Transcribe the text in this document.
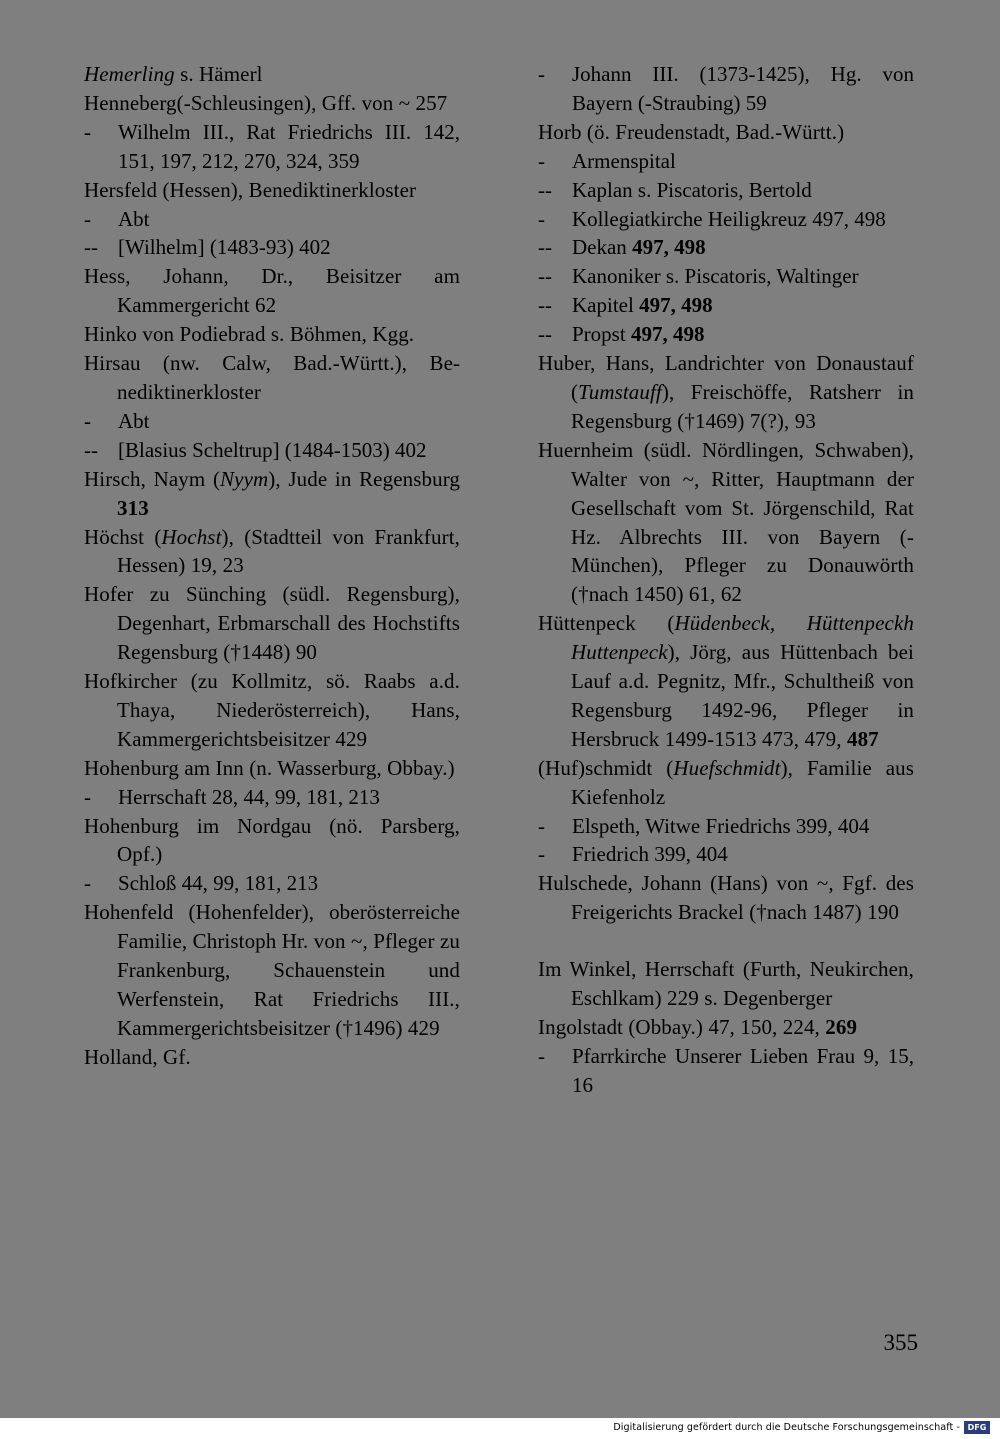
Hemerling s. Hämerl
Henneberg(-Schleusingen), Gff. von ~ 257
-	Wilhelm III., Rat Friedrichs III. 142, 151, 197, 212, 270, 324, 359
Hersfeld (Hessen), Benediktinerkloster
-	Abt
-- [Wilhelm] (1483-93) 402
Hess, Johann, Dr., Beisitzer am Kammergericht 62
Hinko von Podiebrad s. Böhmen, Kgg.
Hirsau (nw. Calw, Bad.-Württ.), Benediktinerkloster
-	Abt
-- [Blasius Scheltrup] (1484-1503) 402
Hirsch, Naym (Nyym), Jude in Regensburg 313
Höchst (Hochst), (Stadtteil von Frankfurt, Hessen) 19, 23
Hofer zu Sünching (südl. Regensburg), Degenhart, Erbmarschall des Hochstifts Regensburg (†1448) 90
Hofkircher (zu Kollmitz, sö. Raabs a.d. Thaya, Niederösterreich), Hans, Kammergerichtsbeisitzer 429
Hohenburg am Inn (n. Wasserburg, Obbay.)
-	Herrschaft 28, 44, 99, 181, 213
Hohenburg im Nordgau (nö. Parsberg, Opf.)
-	Schloß 44, 99, 181, 213
Hohenfeld (Hohenfelder), oberösterreiche Familie, Christoph Hr. von ~, Pfleger zu Frankenburg, Schauenstein und Werfenstein, Rat Friedrichs III., Kammergerichtsbeisitzer (†1496) 429
Holland, Gf.
-	Johann III. (1373-1425), Hg. von Bayern (-Straubing) 59
Horb (ö. Freudenstadt, Bad.-Württ.)
-	Armenspital
-- Kaplan s. Piscatoris, Bertold
-	Kollegiatkirche Heiligkreuz 497, 498
-- Dekan 497, 498
-- Kanoniker s. Piscatoris, Waltinger
-- Kapitel 497, 498
-- Propst 497, 498
Huber, Hans, Landrichter von Donaustauf (Tumstauff), Freischöffe, Ratsherr in Regensburg (†1469) 7(?), 93
Huernheim (südl. Nördlingen, Schwaben), Walter von ~, Ritter, Hauptmann der Gesellschaft vom St. Jörgenschild, Rat Hz. Albrechts III. von Bayern (-München), Pfleger zu Donauwörth (†nach 1450) 61, 62
Hüttenpeck (Hüdenbeck, Hüttenpeckh Huttenpeck), Jörg, aus Hüttenbach bei Lauf a.d. Pegnitz, Mfr., Schultheiß von Regensburg 1492-96, Pfleger in Hersbruck 1499-1513 473, 479, 487
(Huf)schmidt (Huefschmidt), Familie aus Kiefenholz
-	Elspeth, Witwe Friedrichs 399, 404
-	Friedrich 399, 404
Hulschede, Johann (Hans) von ~, Fgf. des Freigerichts Brackel (†nach 1487) 190
Im Winkel, Herrschaft (Furth, Neukirchen, Eschlkam) 229 s. Degenberger
Ingolstadt (Obbay.) 47, 150, 224, 269
-	Pfarrkirche Unserer Lieben Frau 9, 15, 16
355
Digitalisierung gefördert durch die Deutsche Forschungsgemeinschaft - DFG
